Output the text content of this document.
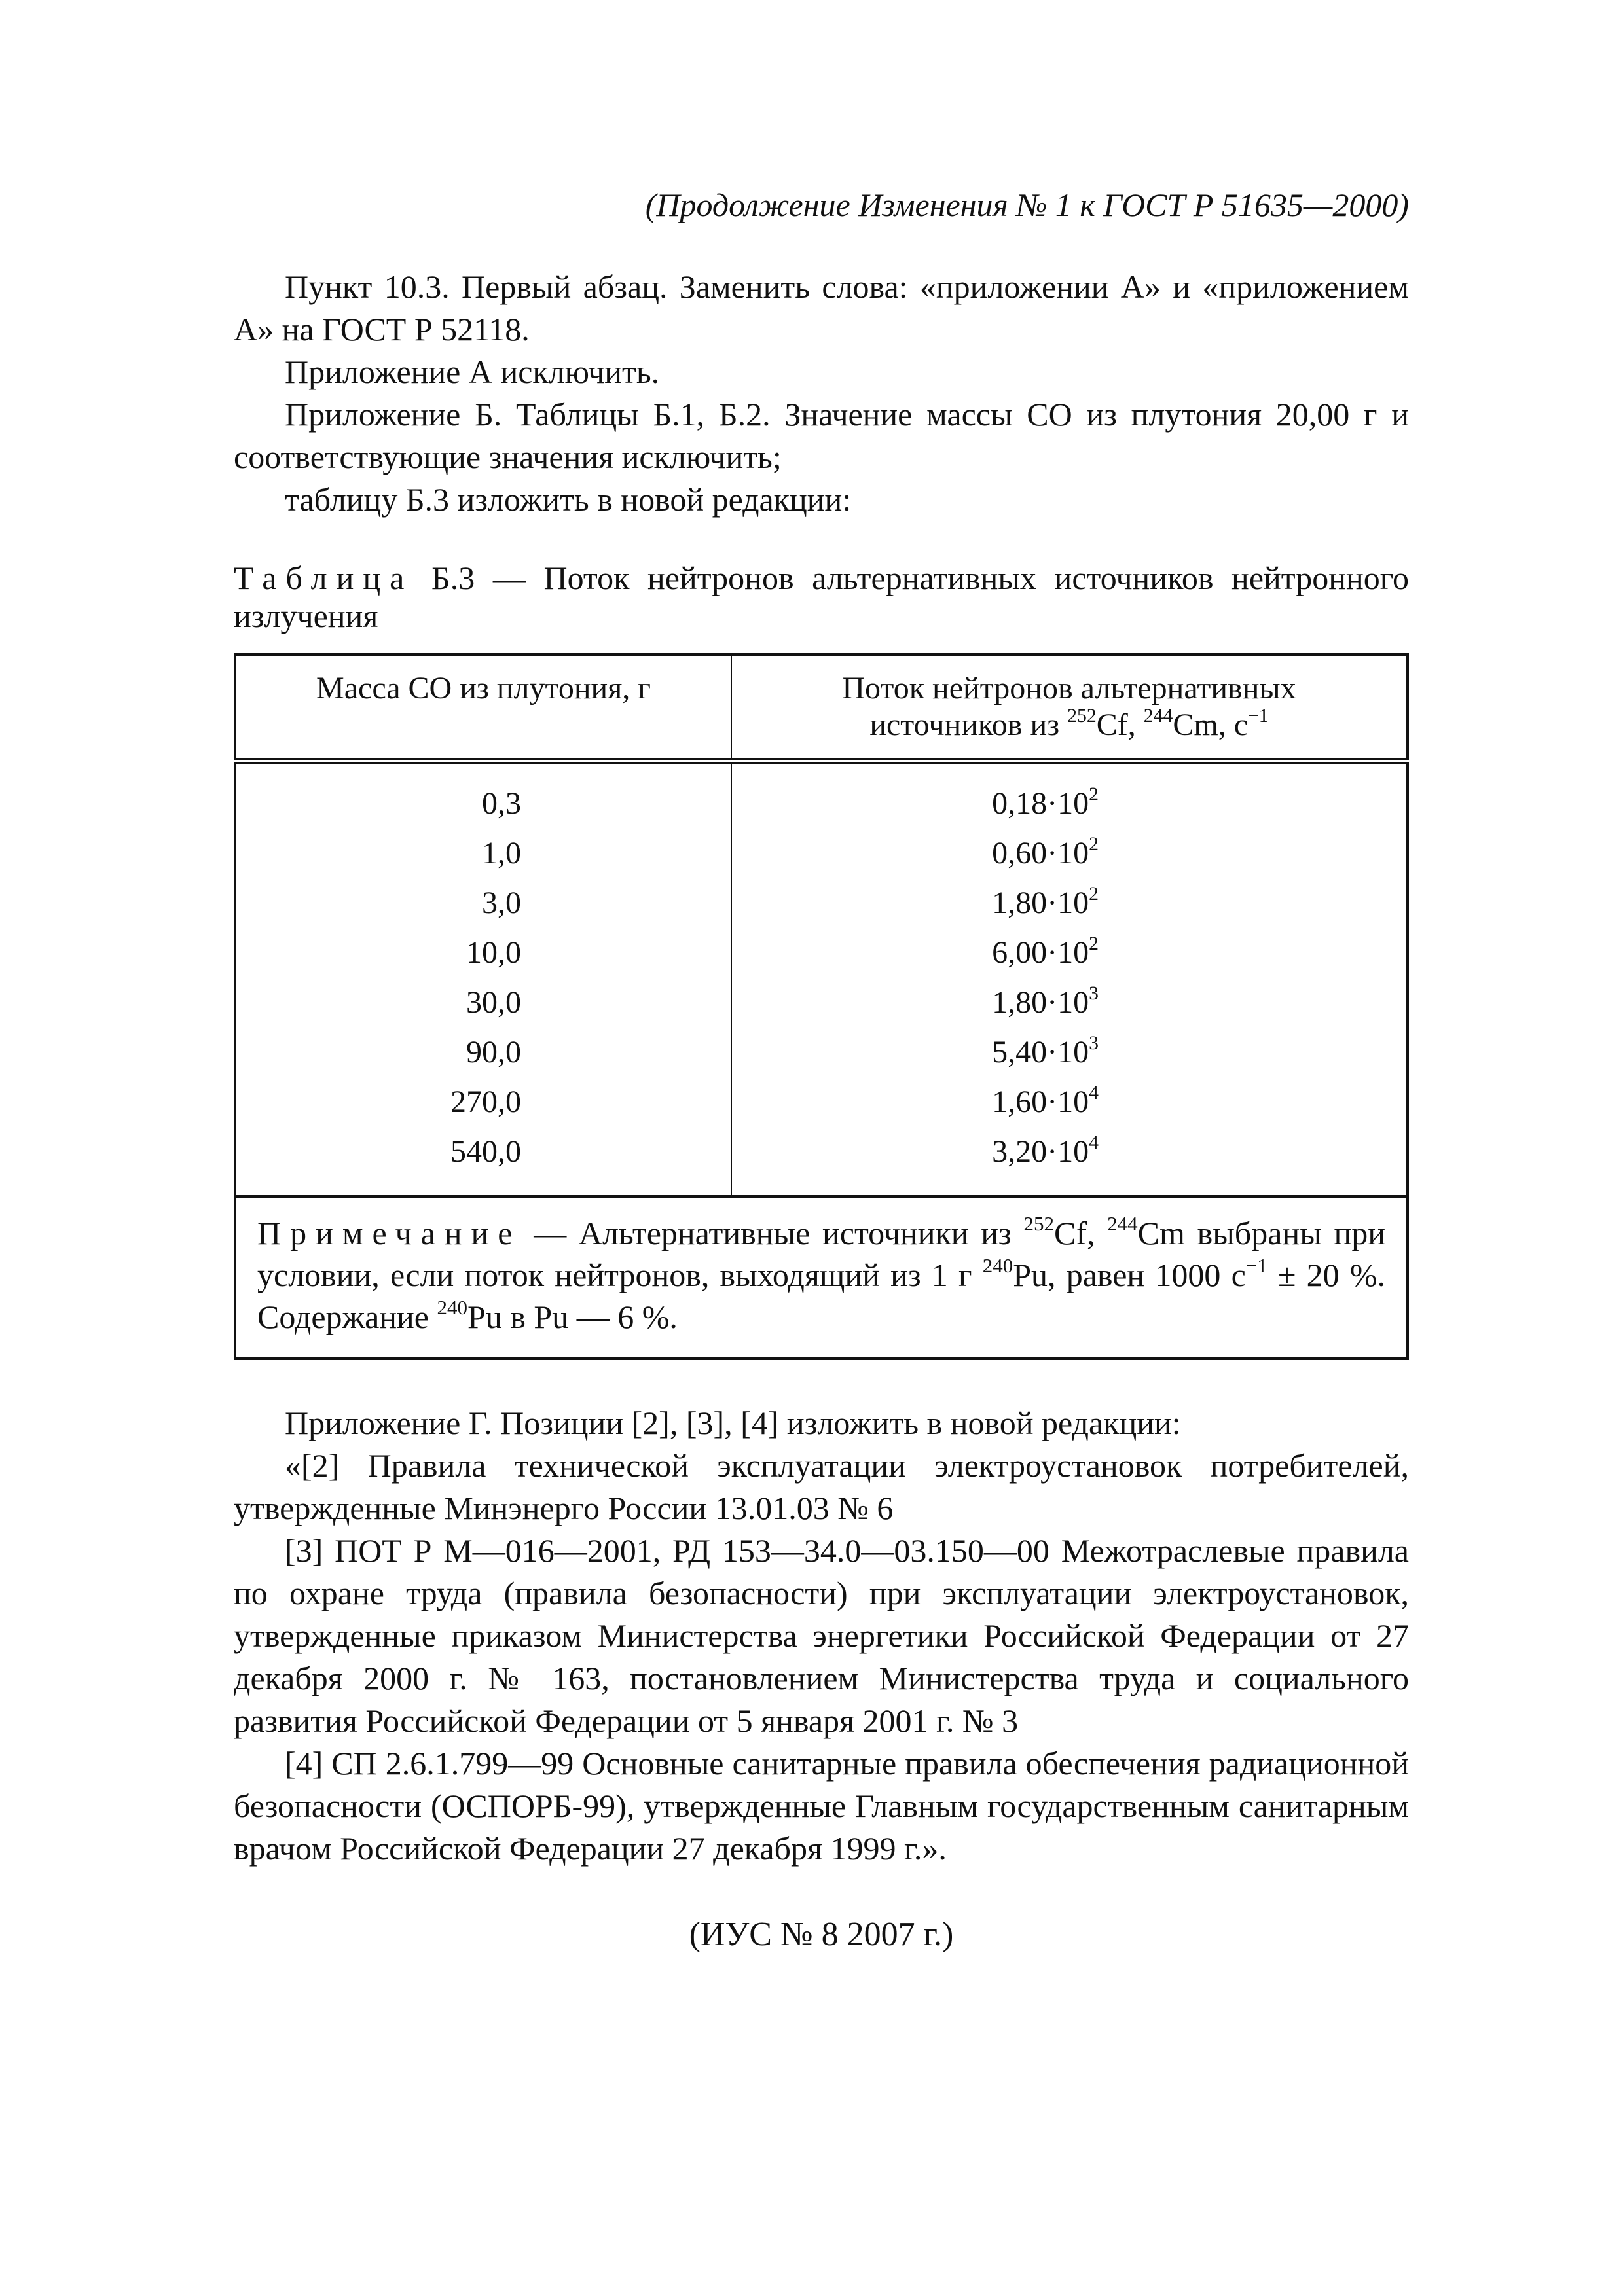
(Продолжение Изменения № 1 к ГОСТ Р 51635—2000)

Пункт 10.3. Первый абзац. Заменить слова: «приложении А» и «приложением А» на ГОСТ Р 52118.

Приложение А исключить.

Приложение Б. Таблицы Б.1, Б.2. Значение массы СО из плутония 20,00 г и соответствующие значения исключить;

таблицу Б.3 изложить в новой редакции:

Таблица Б.3 — Поток нейтронов альтернативных источников нейтронного излучения
Масса СО из плутония, г	Поток нейтронов альтернативных
источников из $^{252}$Cf, $^{244}$Cm, $с^{-1}$
0,3	$0,18\cdot 10^2$
1,0	$0,60\cdot 10^2$
3,0	$1,80\cdot 10^2$
10,0	$6,00\cdot 10^2$
30,0	$1,80\cdot 10^3$
90,0	$5,40\cdot 10^3$
270,0	$1,60\cdot 10^4$
540,0	$3,20\cdot 10^4$
Примечание — Альтернативные источники из $^{252}$Cf, $^{244}$Cm выбраны при условии, если поток нейтронов, выходящий из 1 г $^{240}$Pu, равен 1000 $с^{-1} \pm 20$ %. Содержание $^{240}$Pu в Pu — 6 %.	

Приложение Г. Позиции [2], [3], [4] изложить в новой редакции:

«[2] Правила технической эксплуатации электроустановок потребителей, утвержденные Минэнерго России 13.01.03 № 6

[3] ПОТ Р М—016—2001, РД 153—34.0—03.150—00 Межотраслевые правила по охране труда (правила безопасности) при эксплуатации электроустановок, утвержденные приказом Министерства энергетики Российской Федерации от 27 декабря 2000 г. № 163, постановлением Министерства труда и социального развития Российской Федерации от 5 января 2001 г. № 3

[4] СП 2.6.1.799—99 Основные санитарные правила обеспечения радиационной безопасности (ОСПОРБ-99), утвержденные Главным государственным санитарным врачом Российской Федерации 27 декабря 1999 г.».

(ИУС № 8 2007 г.)
